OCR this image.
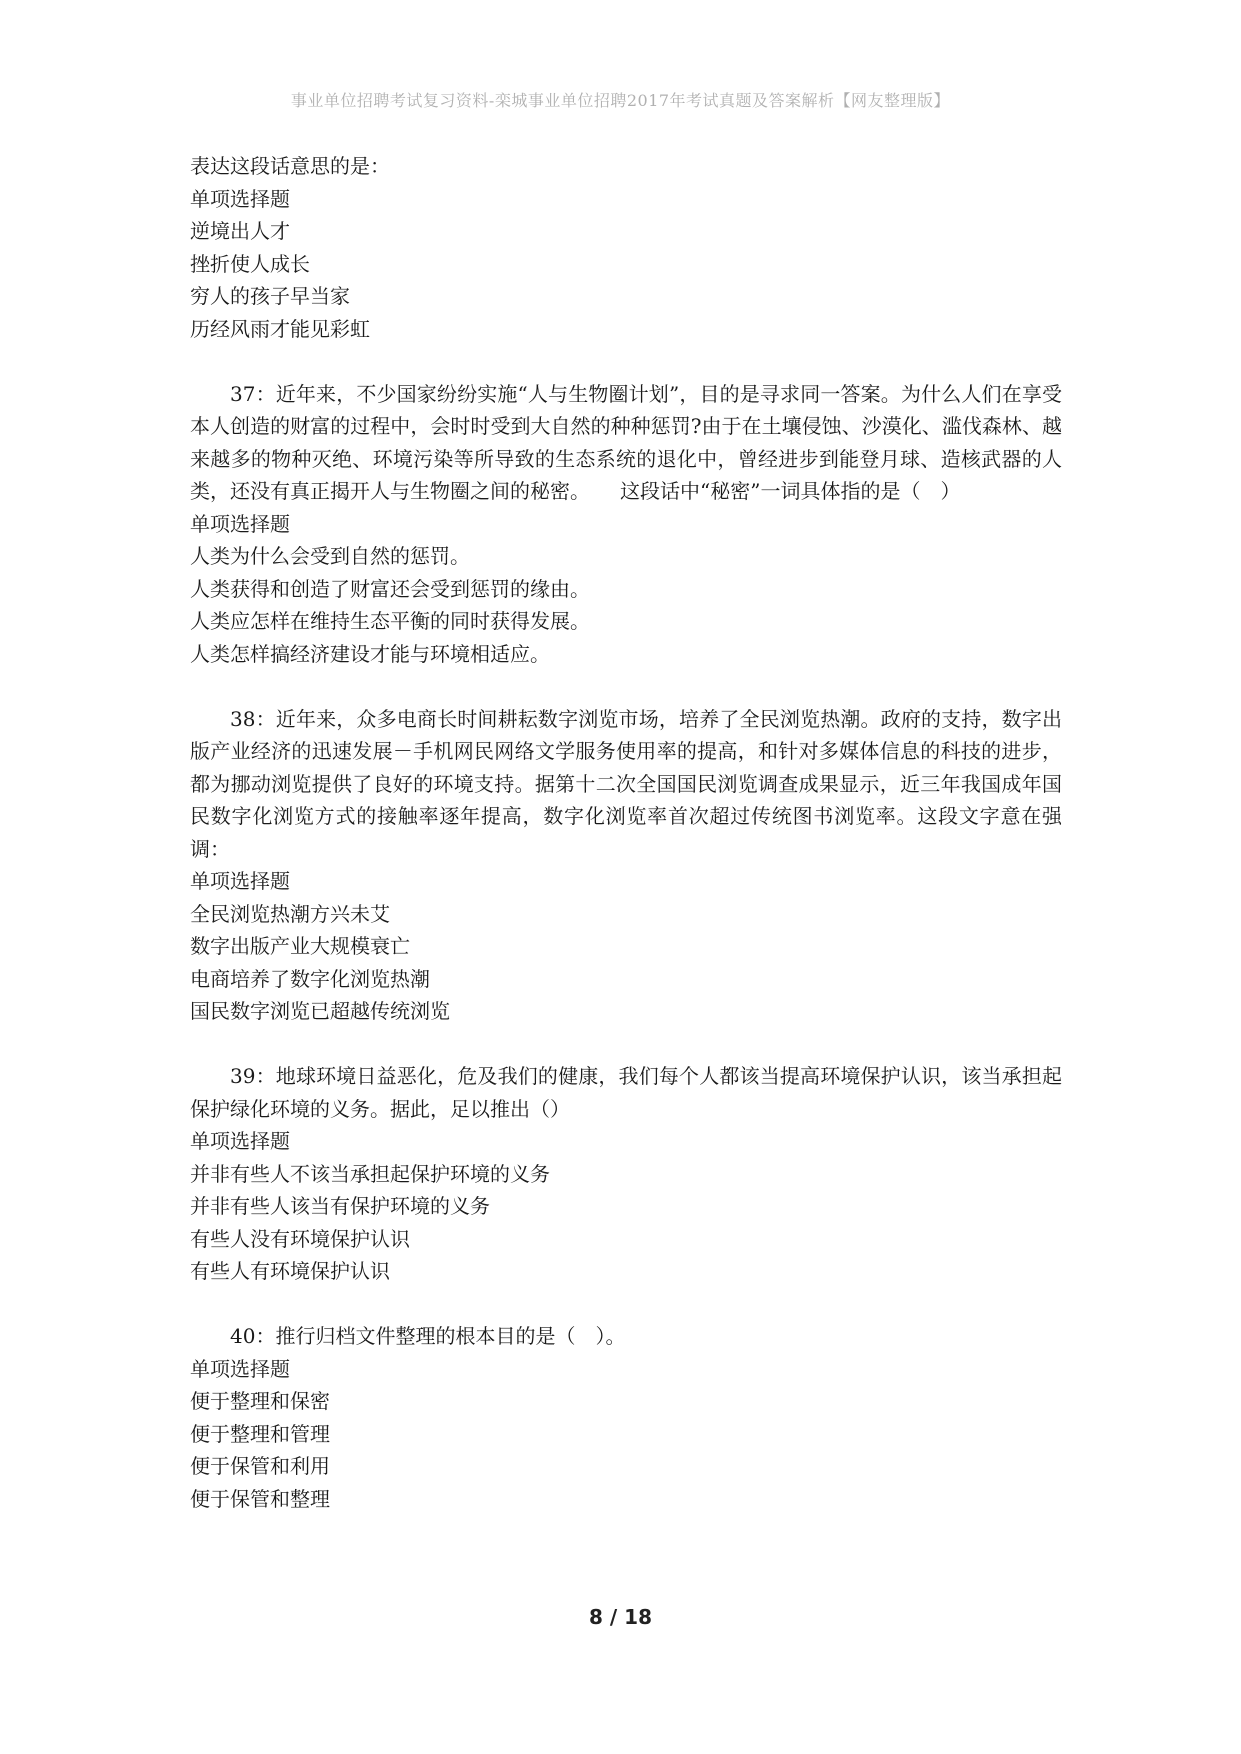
事业单位招聘考试复习资料-栾城事业单位招聘2017年考试真题及答案解析【网友整理版】
表达这段话意思的是：
单项选择题
逆境出人才
挫折使人成长
穷人的孩子早当家
历经风雨才能见彩虹
37：近年来，不少国家纷纷实施“人与生物圈计划”，目的是寻求同一答案。为什么人们在享受本人创造的财富的过程中，会时时受到大自然的种种惩罚?由于在土壤侵蚀、沙漠化、滥伐森林、越来越多的物种灭绝、环境污染等所导致的生态系统的退化中，曾经进步到能登月球、造核武器的人类，还没有真正揭开人与生物圈之间的秘密。　　这段话中“秘密”一词具体指的是（　）
单项选择题
人类为什么会受到自然的惩罚。
人类获得和创造了财富还会受到惩罚的缘由。
人类应怎样在维持生态平衡的同时获得发展。
人类怎样搞经济建设才能与环境相适应。
38：近年来，众多电商长时间耕耘数字浏览市场，培养了全民浏览热潮。政府的支持，数字出版产业经济的迅速发展－手机网民网络文学服务使用率的提高，和针对多媒体信息的科技的进步，都为挪动浏览提供了良好的环境支持。据第十二次全国国民浏览调查成果显示，近三年我国成年国民数字化浏览方式的接触率逐年提高，数字化浏览率首次超过传统图书浏览率。这段文字意在强调：
单项选择题
全民浏览热潮方兴未艾
数字出版产业大规模衰亡
电商培养了数字化浏览热潮
国民数字浏览已超越传统浏览
39：地球环境日益恶化，危及我们的健康，我们每个人都该当提高环境保护认识，该当承担起保护绿化环境的义务。据此，足以推出（）
单项选择题
并非有些人不该当承担起保护环境的义务
并非有些人该当有保护环境的义务
有些人没有环境保护认识
有些人有环境保护认识
40：推行归档文件整理的根本目的是（　）。
单项选择题
便于整理和保密
便于整理和管理
便于保管和利用
便于保管和整理
8 / 18
